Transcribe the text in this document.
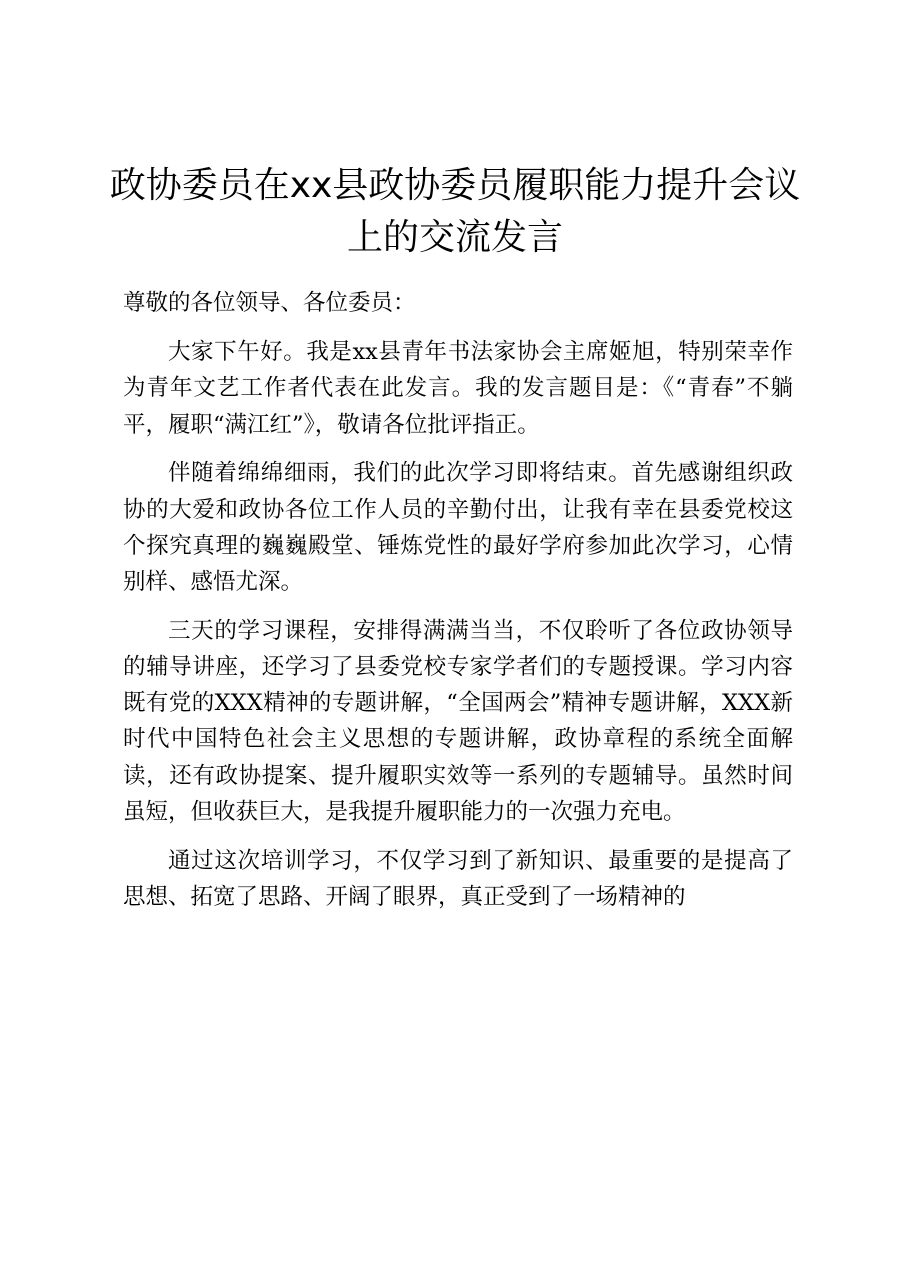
政协委员在xx县政协委员履职能力提升会议上的交流发言

尊敬的各位领导、各位委员：

大家下午好。我是xx县青年书法家协会主席姬旭，特别荣幸作为青年文艺工作者代表在此发言。我的发言题目是：《“青春”不躺平，履职“满江红”》，敬请各位批评指正。

伴随着绵绵细雨，我们的此次学习即将结束。首先感谢组织政协的大爱和政协各位工作人员的辛勤付出，让我有幸在县委党校这个探究真理的巍巍殿堂、锤炼党性的最好学府参加此次学习，心情别样、感悟尤深。

三天的学习课程，安排得满满当当，不仅聆听了各位政协领导的辅导讲座，还学习了县委党校专家学者们的专题授课。学习内容既有党的XXX精神的专题讲解，“全国两会”精神专题讲解，XXX新时代中国特色社会主义思想的专题讲解，政协章程的系统全面解读，还有政协提案、提升履职实效等一系列的专题辅导。虽然时间虽短，但收获巨大，是我提升履职能力的一次强力充电。

通过这次培训学习，不仅学习到了新知识、最重要的是提高了思想、拓宽了思路、开阔了眼界，真正受到了一场精神的
